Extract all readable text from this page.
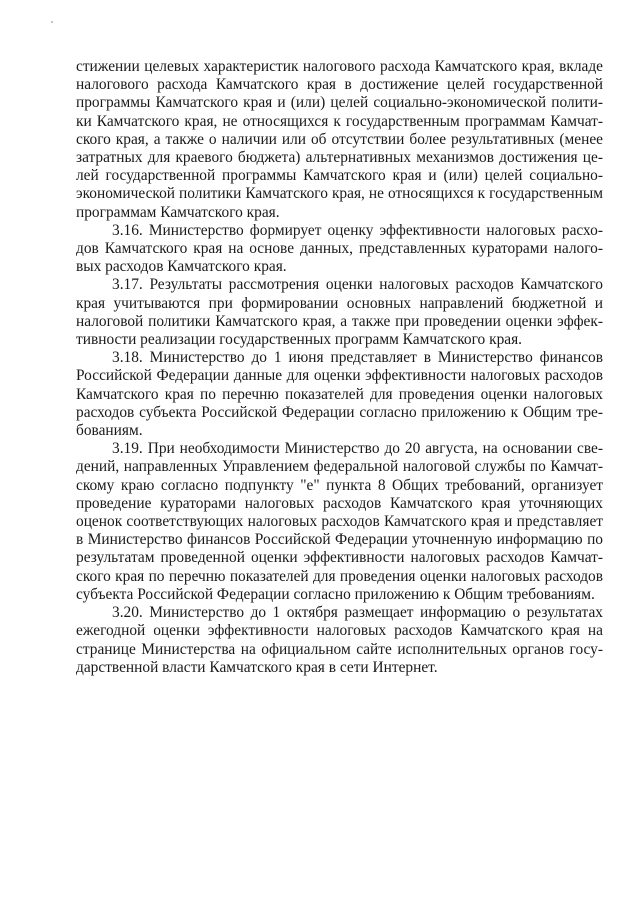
стижении целевых характеристик налогового расхода Камчатского края, вкладе налогового расхода Камчатского края в достижение целей государственной программы Камчатского края и (или) целей социально-экономической политики Камчатского края, не относящихся к государственным программам Камчатского края, а также о наличии или об отсутствии более результативных (менее затратных для краевого бюджета) альтернативных механизмов достижения целей государственной программы Камчатского края и (или) целей социально-экономической политики Камчатского края, не относящихся к государственным программам Камчатского края.

3.16. Министерство формирует оценку эффективности налоговых расходов Камчатского края на основе данных, представленных кураторами налоговых расходов Камчатского края.

3.17. Результаты рассмотрения оценки налоговых расходов Камчатского края учитываются при формировании основных направлений бюджетной и налоговой политики Камчатского края, а также при проведении оценки эффективности реализации государственных программ Камчатского края.

3.18. Министерство до 1 июня представляет в Министерство финансов Российской Федерации данные для оценки эффективности налоговых расходов Камчатского края по перечню показателей для проведения оценки налоговых расходов субъекта Российской Федерации согласно приложению к Общим требованиям.

3.19. При необходимости Министерство до 20 августа, на основании сведений, направленных Управлением федеральной налоговой службы по Камчатскому краю согласно подпункту "е" пункта 8 Общих требований, организует проведение кураторами налоговых расходов Камчатского края уточняющих оценок соответствующих налоговых расходов Камчатского края и представляет в Министерство финансов Российской Федерации уточненную информацию по результатам проведенной оценки эффективности налоговых расходов Камчатского края по перечню показателей для проведения оценки налоговых расходов субъекта Российской Федерации согласно приложению к Общим требованиям.

3.20. Министерство до 1 октября размещает информацию о результатах ежегодной оценки эффективности налоговых расходов Камчатского края на странице Министерства на официальном сайте исполнительных органов государственной власти Камчатского края в сети Интернет.
